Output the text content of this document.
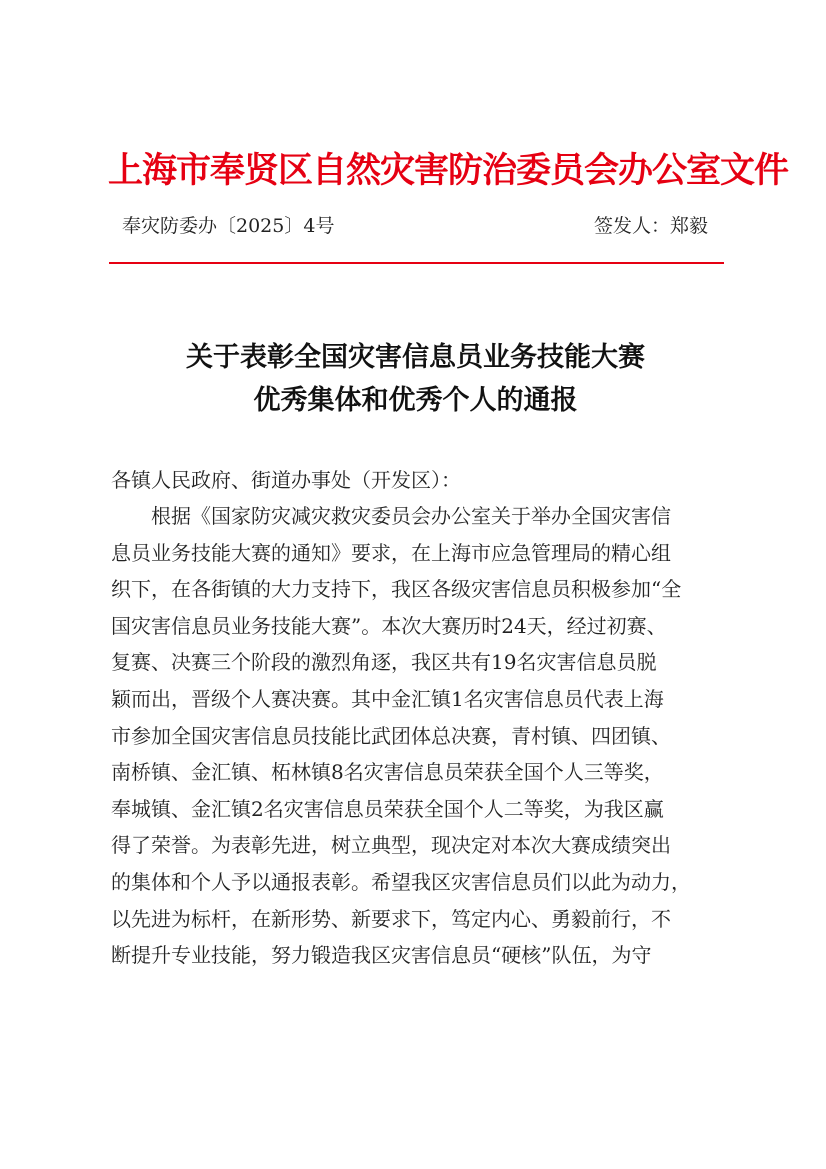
上海市奉贤区自然灾害防治委员会办公室文件
奉灾防委办〔2025〕4号	签发人：郑毅
关于表彰全国灾害信息员业务技能大赛
优秀集体和优秀个人的通报
各镇人民政府、街道办事处（开发区）：
根据《国家防灾减灾救灾委员会办公室关于举办全国灾害信
息员业务技能大赛的通知》要求，在上海市应急管理局的精心组
织下，在各街镇的大力支持下，我区各级灾害信息员积极参加“全
国灾害信息员业务技能大赛”。本次大赛历时24天，经过初赛、
复赛、决赛三个阶段的激烈角逐，我区共有19名灾害信息员脱
颖而出，晋级个人赛决赛。其中金汇镇1名灾害信息员代表上海
市参加全国灾害信息员技能比武团体总决赛，青村镇、四团镇、
南桥镇、金汇镇、柘林镇8名灾害信息员荣获全国个人三等奖，
奉城镇、金汇镇2名灾害信息员荣获全国个人二等奖，为我区赢
得了荣誉。为表彰先进，树立典型，现决定对本次大赛成绩突出
的集体和个人予以通报表彰。希望我区灾害信息员们以此为动力，
以先进为标杆，在新形势、新要求下，笃定内心、勇毅前行，不
断提升专业技能，努力锻造我区灾害信息员“硬核”队伍，为守
